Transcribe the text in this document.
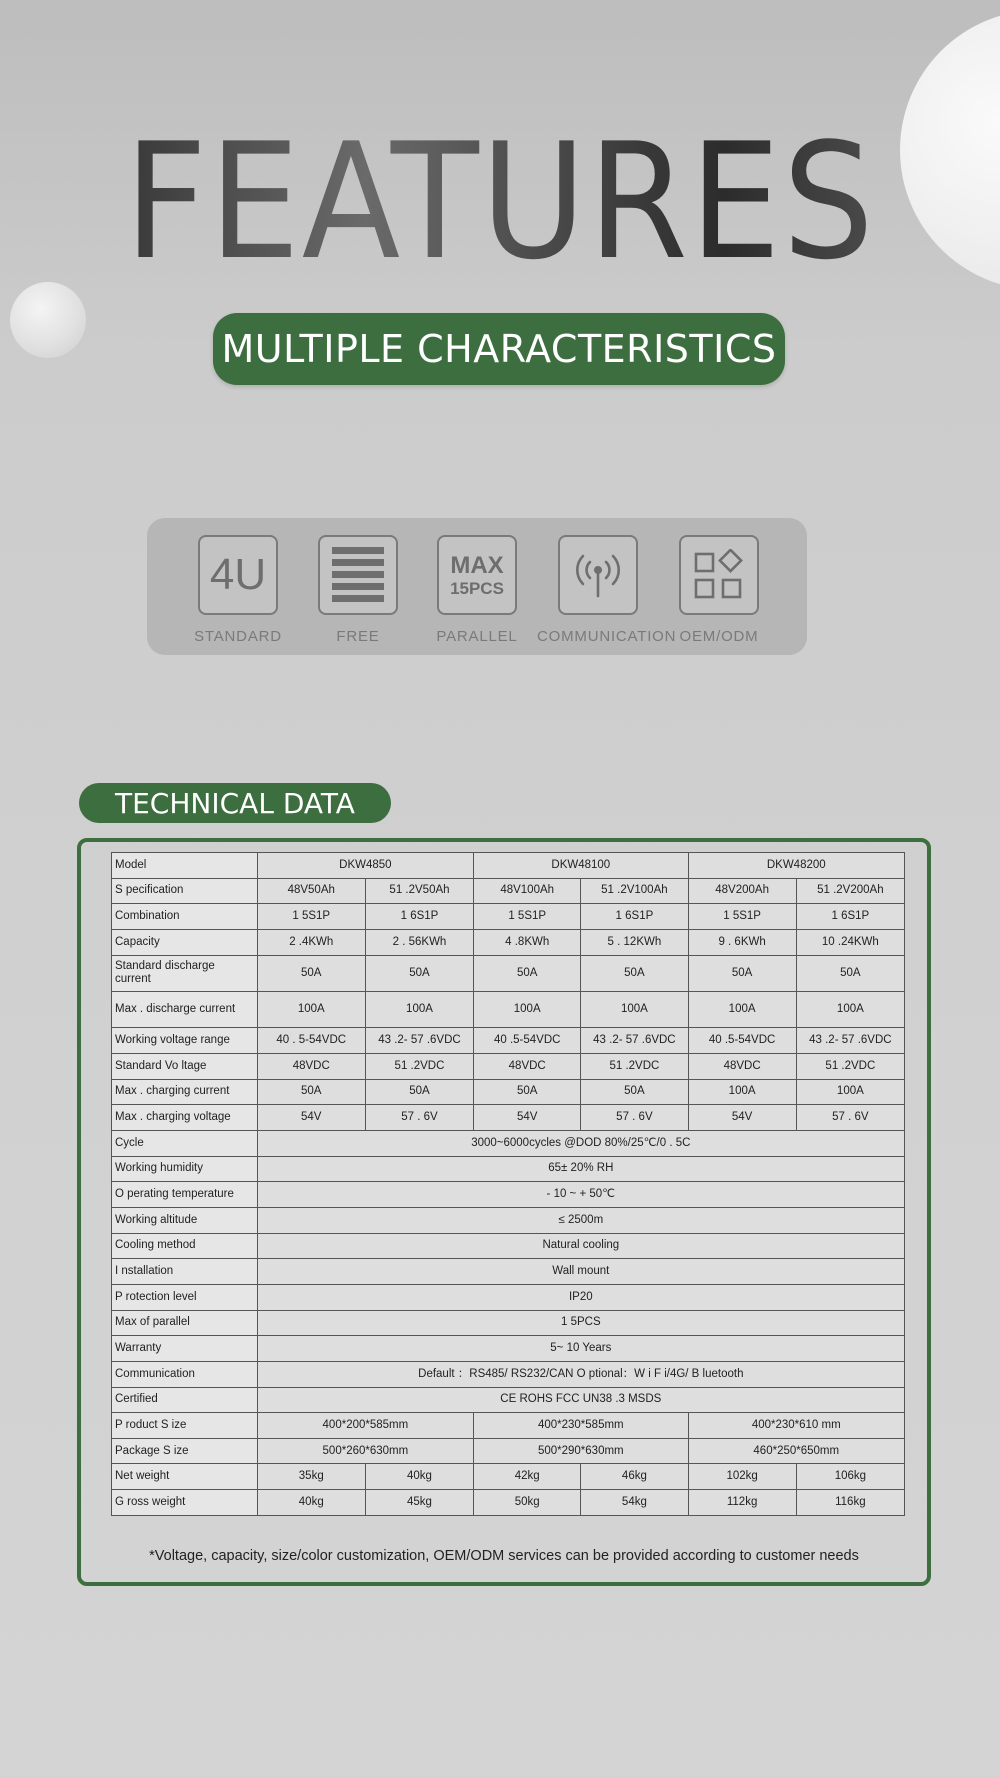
FEATURES
MULTIPLE CHARACTERISTICS
4U
STANDARD	FREE
MAX
15PCS
PARALLEL	COMMUNICATION OEM/ODM
TECHNICAL DATA
Model	DKW4850		DKW48100		DKW48200	
S pecification	48V50Ah	51 .2V50Ah	48V100Ah	51 .2V100Ah	48V200Ah	51 .2V200Ah
Combination	1 5S1P	1 6S1P	1 5S1P	1 6S1P	1 5S1P	1 6S1P
Capacity	2 .4KWh	2 . 56KWh	4 .8KWh	5 . 12KWh	9 . 6KWh	10 .24KWh
Standard discharge current	50A	50A	50A	50A	50A	50A
Max . discharge current	100A	100A	100A	100A	100A	100A
Working voltage range	40 . 5-54VDC	43 .2- 57 .6VDC	40 .5-54VDC	43 .2- 57 .6VDC	40 .5-54VDC	43 .2- 57 .6VDC
Standard Vo ltage	48VDC	51 .2VDC	48VDC	51 .2VDC	48VDC	51 .2VDC
Max . charging current	50A	50A	50A	50A	100A	100A
Max . charging voltage	54V	57 . 6V	54V	57 . 6V	54V	57 . 6V
Cycle	3000~6000cycles @DOD 80%/25℃/0 . 5C					
Working humidity	65± 20% RH					
O perating temperature	- 10 ~ + 50℃					
Working altitude	≤ 2500m					
Cooling method	Natural cooling					
I nstallation	Wall mount					
P rotection level	IP20					
Max of parallel	1 5PCS					
Warranty	5~ 10 Years					
Communication	Default ：RS485/ RS232/CAN O ptional：W i F i/4G/ B luetooth					
Certified	CE ROHS FCC UN38 .3 MSDS					
P roduct S ize	400*200*585mm		400*230*585mm		400*230*610 mm	
Package S ize	500*260*630mm		500*290*630mm		460*250*650mm	
Net weight	35kg	40kg	42kg	46kg	102kg	106kg
G ross weight	40kg	45kg	50kg	54kg	112kg	116kg
*Voltage, capacity, size/color customization, OEM/ODM services can be provided according to customer needs
